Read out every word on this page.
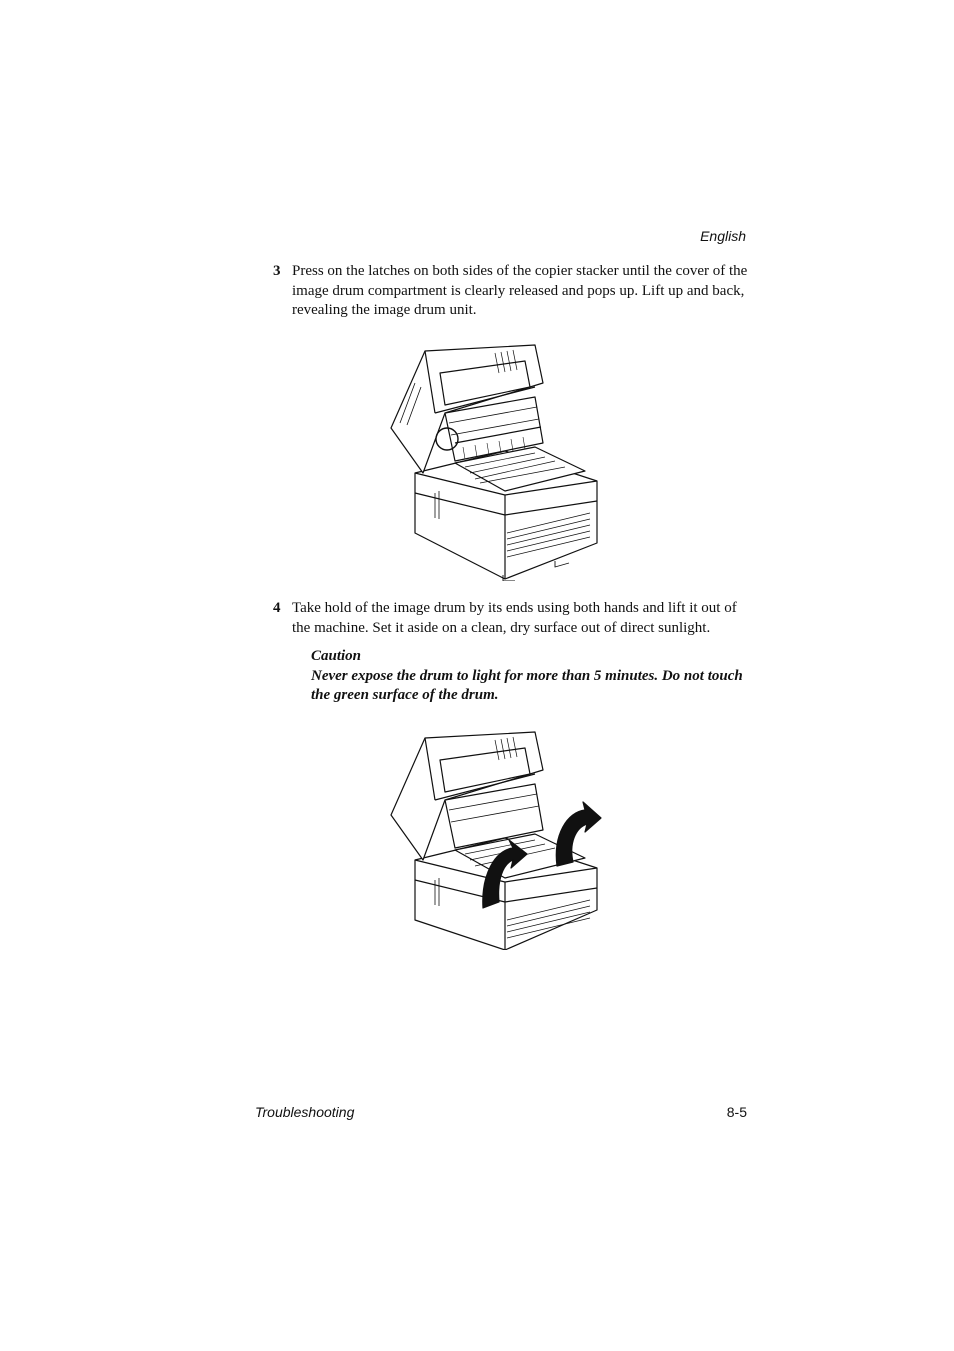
English
3 Press on the latches on both sides of the copier stacker until the cover of the image drum compartment is clearly released and pops up. Lift up and back, revealing the image drum unit.
4 Take hold of the image drum by its ends using both hands and lift it out of the machine. Set it aside on a clean, dry surface out of direct sunlight.
Caution
Never expose the drum to light for more than 5 minutes. Do not touch the green surface of the drum.
Troubleshooting	8-5
